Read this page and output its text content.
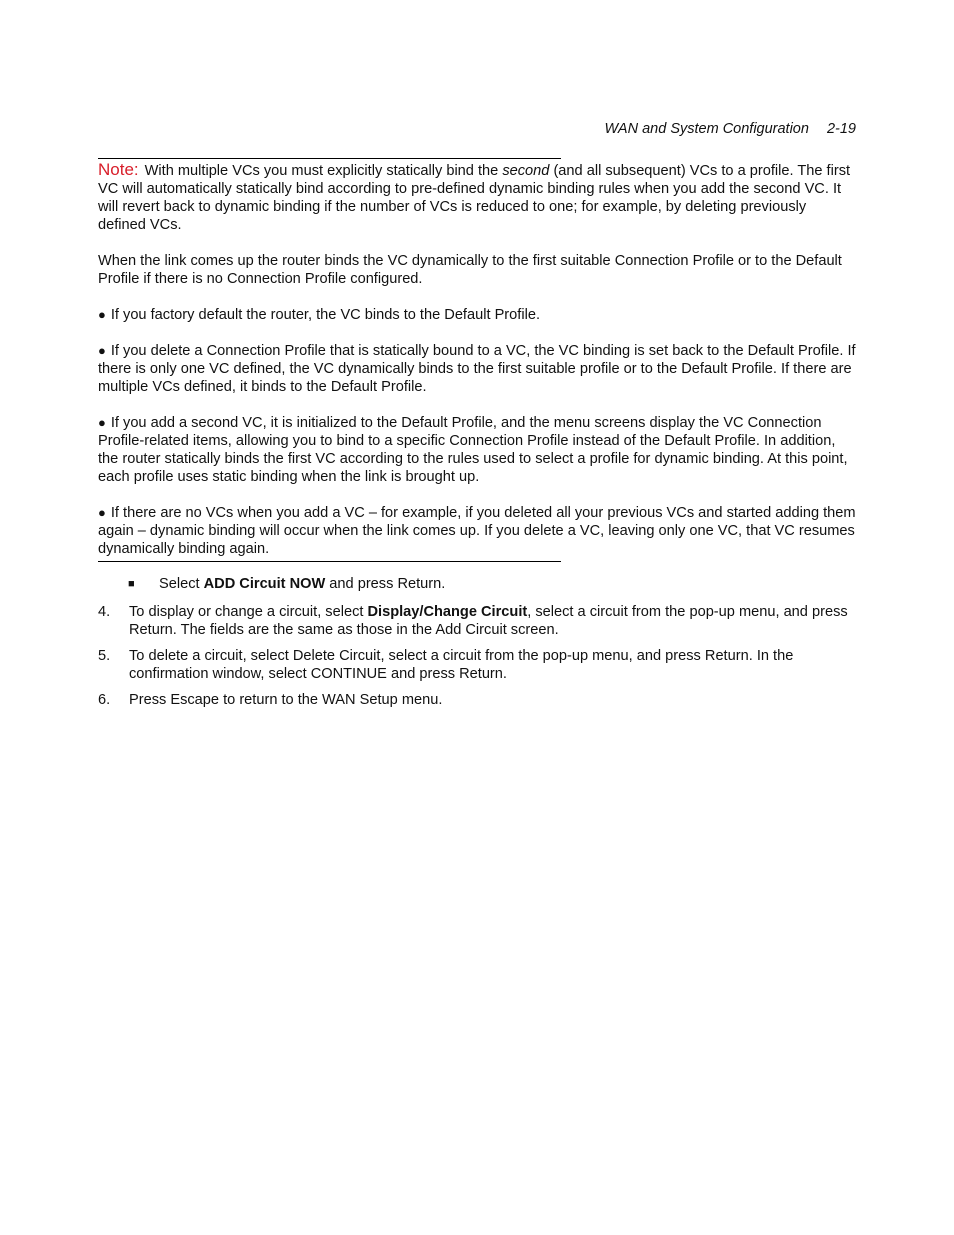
WAN and System Configuration 2-19

Note: With multiple VCs you must explicitly statically bind the second (and all subsequent) VCs to a profile. The first VC will automatically statically bind according to pre-defined dynamic binding rules when you add the second VC. It will revert back to dynamic binding if the number of VCs is reduced to one; for example, by deleting previously defined VCs.

When the link comes up the router binds the VC dynamically to the first suitable Connection Profile or to the Default Profile if there is no Connection Profile configured.

● If you factory default the router, the VC binds to the Default Profile.

● If you delete a Connection Profile that is statically bound to a VC, the VC binding is set back to the Default Profile. If there is only one VC defined, the VC dynamically binds to the first suitable profile or to the Default Profile. If there are multiple VCs defined, it binds to the Default Profile.

● If you add a second VC, it is initialized to the Default Profile, and the menu screens display the VC Connection Profile-related items, allowing you to bind to a specific Connection Profile instead of the Default Profile. In addition, the router statically binds the first VC according to the rules used to select a profile for dynamic binding. At this point, each profile uses static binding when the link is brought up.

● If there are no VCs when you add a VC – for example, if you deleted all your previous VCs and started adding them again – dynamic binding will occur when the link comes up. If you delete a VC, leaving only one VC, that VC resumes dynamically binding again.

■	Select ADD Circuit NOW and press Return.
4.	To display or change a circuit, select Display/Change Circuit, select a circuit from the pop-up menu, and press Return. The fields are the same as those in the Add Circuit screen.
5.	To delete a circuit, select Delete Circuit, select a circuit from the pop-up menu, and press Return. In the confirmation window, select CONTINUE and press Return.
6.	Press Escape to return to the WAN Setup menu.
